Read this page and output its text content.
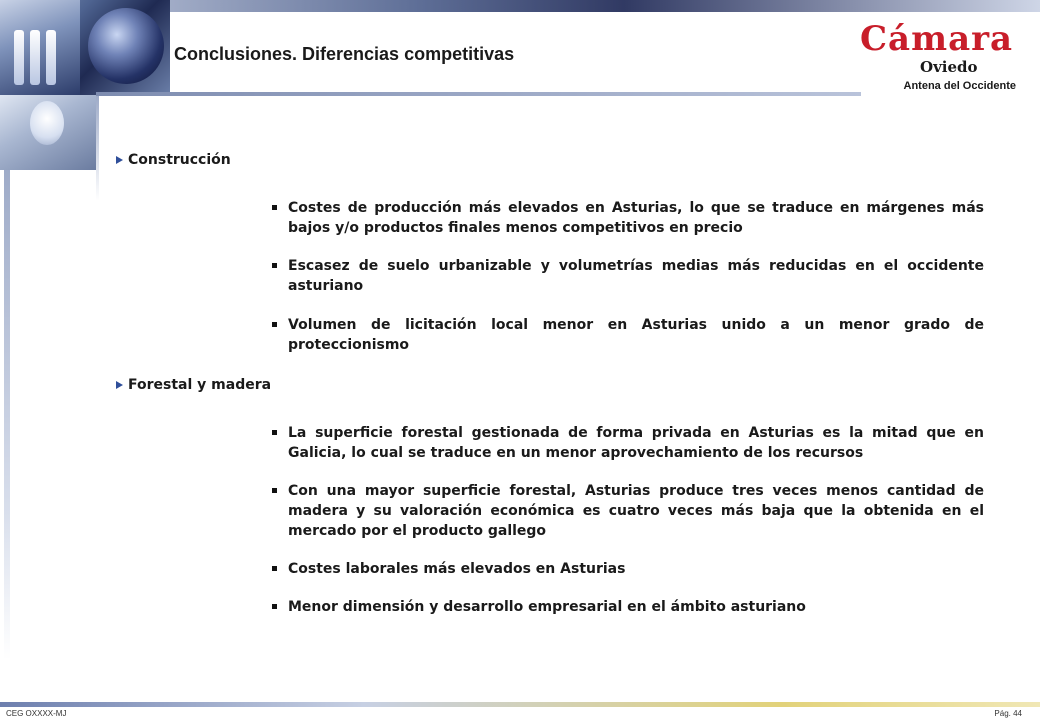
Conclusiones. Diferencias competitivas	Cámara
Oviedo
Antena del Occidente
Construcción
Costes de producción más elevados en Asturias, lo que se traduce en márgenes más bajos y/o productos finales menos competitivos en precio
Escasez de suelo urbanizable y volumetrías medias más reducidas en el occidente asturiano
Volumen de licitación local menor en Asturias unido a un menor grado de proteccionismo
Forestal y madera
La superficie forestal gestionada de forma privada en Asturias es la mitad que en Galicia, lo cual se traduce en un menor aprovechamiento de los recursos
Con una mayor superficie forestal, Asturias produce tres veces menos cantidad de madera y su valoración económica es cuatro veces más baja que la obtenida en el mercado por el producto gallego
Costes laborales más elevados en Asturias
Menor dimensión y desarrollo empresarial en el ámbito asturiano
CEG OXXXX-MJ	Pág. 44
